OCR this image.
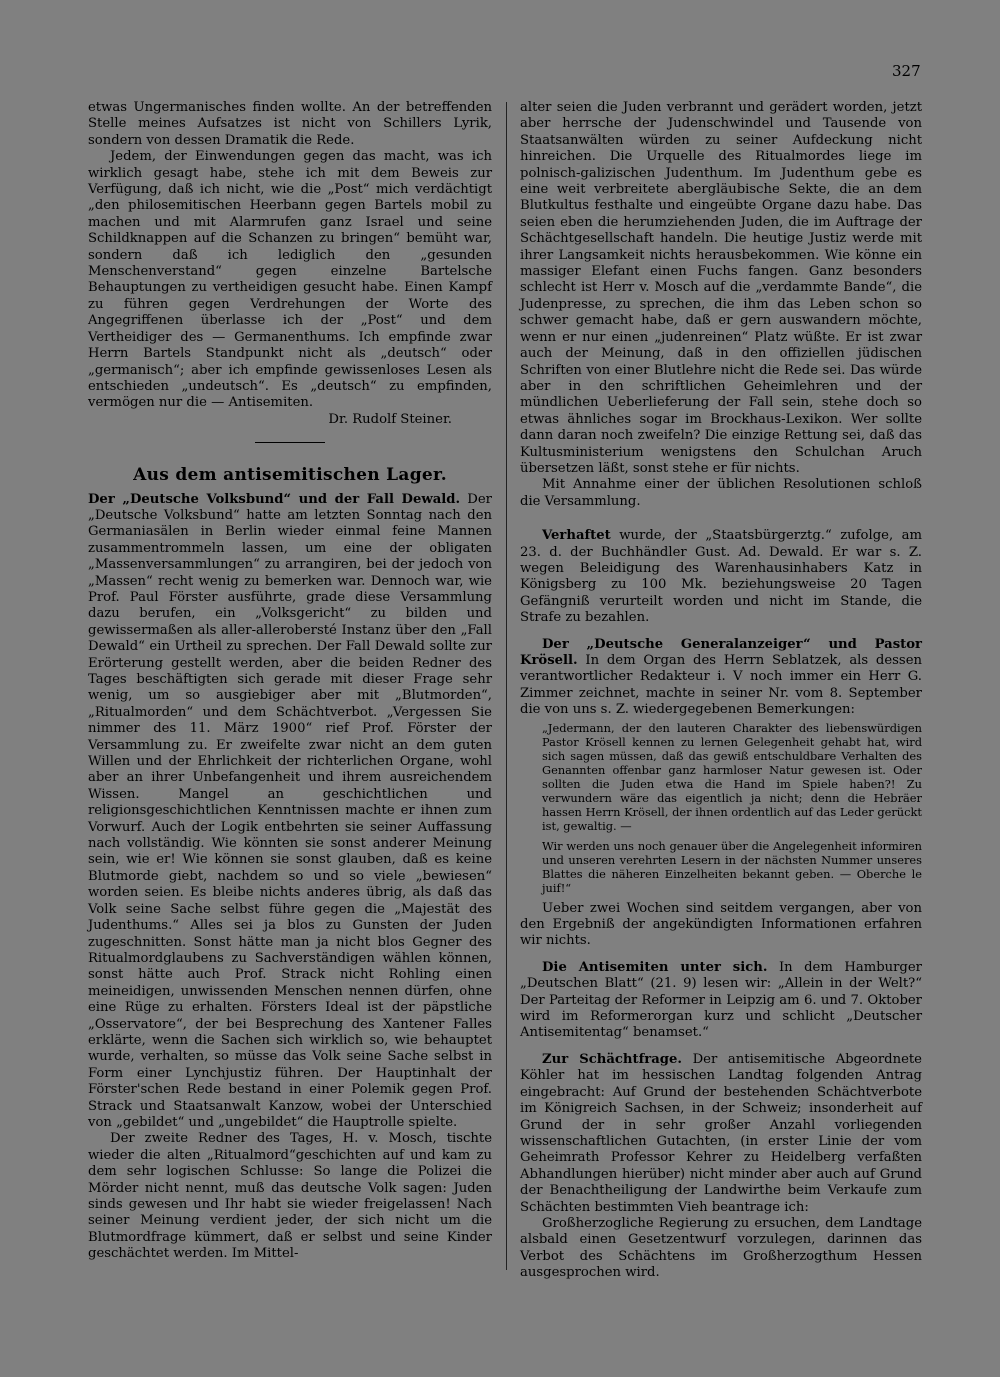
327

etwas Ungermanisches finden wollte. An der betreffenden Stelle meines Aufsatzes ist nicht von Schillers Lyrik, sondern von dessen Dramatik die Rede.

Jedem, der Einwendungen gegen das macht, was ich wirklich gesagt habe, stehe ich mit dem Beweis zur Verfügung, daß ich nicht, wie die „Post“ mich verdächtigt „den philosemitischen Heerbann gegen Bartels mobil zu machen und mit Alarmrufen ganz Israel und seine Schildknappen auf die Schanzen zu bringen“ bemüht war, sondern daß ich lediglich den „gesunden Menschenverstand“ gegen einzelne Bartelsche Behauptungen zu vertheidigen gesucht habe. Einen Kampf zu führen gegen Verdrehungen der Worte des Angegriffenen überlasse ich der „Post“ und dem Vertheidiger des — Germanenthums. Ich empfinde zwar Herrn Bartels Standpunkt nicht als „deutsch“ oder „germanisch“; aber ich empfinde gewissenloses Lesen als entschieden „undeutsch“. Es „deutsch“ zu empfinden, vermögen nur die — Antisemiten.

Dr. Rudolf Steiner.

Aus dem antisemitischen Lager.

Der „Deutsche Volksbund“ und der Fall Dewald. Der „Deutsche Volksbund“ hatte am letzten Sonntag nach den Germaniasälen in Berlin wieder einmal feine Mannen zusammentrommeln lassen, um eine der obligaten „Massenversammlungen“ zu arrangiren, bei der jedoch von „Massen“ recht wenig zu bemerken war. Dennoch war, wie Prof. Paul Förster ausführte, grade diese Versammlung dazu berufen, ein „Volksgericht“ zu bilden und gewissermaßen als aller-allerobersté Instanz über den „Fall Dewald“ ein Urtheil zu sprechen. Der Fall Dewald sollte zur Erörterung gestellt werden, aber die beiden Redner des Tages beschäftigten sich gerade mit dieser Frage sehr wenig, um so ausgiebiger aber mit „Blutmorden“, „Ritualmorden“ und dem Schächtverbot. „Vergessen Sie nimmer des 11. März 1900“ rief Prof. Förster der Versammlung zu. Er zweifelte zwar nicht an dem guten Willen und der Ehrlichkeit der richterlichen Organe, wohl aber an ihrer Unbefangenheit und ihrem ausreichendem Wissen. Mangel an geschichtlichen und religionsgeschichtlichen Kenntnissen machte er ihnen zum Vorwurf. Auch der Logik entbehrten sie seiner Auffassung nach vollständig. Wie könnten sie sonst anderer Meinung sein, wie er! Wie können sie sonst glauben, daß es keine Blutmorde giebt, nachdem so und so viele „bewiesen“ worden seien. Es bleibe nichts anderes übrig, als daß das Volk seine Sache selbst führe gegen die „Majestät des Judenthums.“ Alles sei ja blos zu Gunsten der Juden zugeschnitten. Sonst hätte man ja nicht blos Gegner des Ritualmordglaubens zu Sachverständigen wählen können, sonst hätte auch Prof. Strack nicht Rohling einen meineidigen, unwissenden Menschen nennen dürfen, ohne eine Rüge zu erhalten. Försters Ideal ist der päpstliche „Osservatore“, der bei Besprechung des Xantener Falles erklärte, wenn die Sachen sich wirklich so, wie behauptet wurde, verhalten, so müsse das Volk seine Sache selbst in Form einer Lynchjustiz führen. Der Hauptinhalt der Förster'schen Rede bestand in einer Polemik gegen Prof. Strack und Staatsanwalt Kanzow, wobei der Unterschied von „gebildet“ und „ungebildet“ die Hauptrolle spielte.

Der zweite Redner des Tages, H. v. Mosch, tischte wieder die alten „Ritualmord“geschichten auf und kam zu dem sehr logischen Schlusse: So lange die Polizei die Mörder nicht nennt, muß das deutsche Volk sagen: Juden sinds gewesen und Ihr habt sie wieder freigelassen! Nach seiner Meinung verdient jeder, der sich nicht um die Blutmordfrage kümmert, daß er selbst und seine Kinder geschächtet werden. Im Mittel-

alter seien die Juden verbrannt und gerädert worden, jetzt aber herrsche der Judenschwindel und Tausende von Staatsanwälten würden zu seiner Aufdeckung nicht hinreichen. Die Urquelle des Ritualmordes liege im polnisch-galizischen Judenthum. Im Judenthum gebe es eine weit verbreitete abergläubische Sekte, die an dem Blutkultus festhalte und eingeübte Organe dazu habe. Das seien eben die herumziehenden Juden, die im Auftrage der Schächtgesellschaft handeln. Die heutige Justiz werde mit ihrer Langsamkeit nichts herausbekommen. Wie könne ein massiger Elefant einen Fuchs fangen. Ganz besonders schlecht ist Herr v. Mosch auf die „verdammte Bande“, die Judenpresse, zu sprechen, die ihm das Leben schon so schwer gemacht habe, daß er gern auswandern möchte, wenn er nur einen „judenreinen“ Platz wüßte. Er ist zwar auch der Meinung, daß in den offiziellen jüdischen Schriften von einer Blutlehre nicht die Rede sei. Das würde aber in den schriftlichen Geheimlehren und der mündlichen Ueberlieferung der Fall sein, stehe doch so etwas ähnliches sogar im Brockhaus-Lexikon. Wer sollte dann daran noch zweifeln? Die einzige Rettung sei, daß das Kultusministerium wenigstens den Schulchan Aruch übersetzen läßt, sonst stehe er für nichts.

Mit Annahme einer der üblichen Resolutionen schloß die Versammlung.

Verhaftet wurde, der „Staatsbürgerztg.“ zufolge, am 23. d. der Buchhändler Gust. Ad. Dewald. Er war s. Z. wegen Beleidigung des Warenhausinhabers Katz in Königsberg zu 100 Mk. beziehungsweise 20 Tagen Gefängniß verurteilt worden und nicht im Stande, die Strafe zu bezahlen.

Der „Deutsche Generalanzeiger“ und Pastor Krösell. In dem Organ des Herrn Seblatzek, als dessen verantwortlicher Redakteur i. V noch immer ein Herr G. Zimmer zeichnet, machte in seiner Nr. vom 8. September die von uns s. Z. wiedergegebenen Bemerkungen:

„Jedermann, der den lauteren Charakter des liebenswürdigen Pastor Krösell kennen zu lernen Gelegenheit gehabt hat, wird sich sagen müssen, daß das gewiß entschuldbare Verhalten des Genannten offenbar ganz harmloser Natur gewesen ist. Oder sollten die Juden etwa die Hand im Spiele haben?! Zu verwundern wäre das eigentlich ja nicht; denn die Hebräer hassen Herrn Krösell, der ihnen ordentlich auf das Leder gerückt ist, gewaltig. —

Wir werden uns noch genauer über die Angelegenheit informiren und unseren verehrten Lesern in der nächsten Nummer unseres Blattes die näheren Einzelheiten bekannt geben. — Oberche le juif!“

Ueber zwei Wochen sind seitdem vergangen, aber von den Ergebniß der angekündigten Informationen erfahren wir nichts.

Die Antisemiten unter sich. In dem Hamburger „Deutschen Blatt“ (21. 9) lesen wir: „Allein in der Welt?“ Der Parteitag der Reformer in Leipzig am 6. und 7. Oktober wird im Reformerorgan kurz und schlicht „Deutscher Antisemitentag“ benamset.“

Zur Schächtfrage. Der antisemitische Abgeordnete Köhler hat im hessischen Landtag folgenden Antrag eingebracht: Auf Grund der bestehenden Schächtverbote im Königreich Sachsen, in der Schweiz; insonderheit auf Grund der in sehr großer Anzahl vorliegenden wissenschaftlichen Gutachten, (in erster Linie der vom Geheimrath Professor Kehrer zu Heidelberg verfaßten Abhandlungen hierüber) nicht minder aber auch auf Grund der Benachtheiligung der Landwirthe beim Verkaufe zum Schächten bestimmten Vieh beantrage ich:

Großherzogliche Regierung zu ersuchen, dem Landtage alsbald einen Gesetzentwurf vorzulegen, darinnen das Verbot des Schächtens im Großherzogthum Hessen ausgesprochen wird.
